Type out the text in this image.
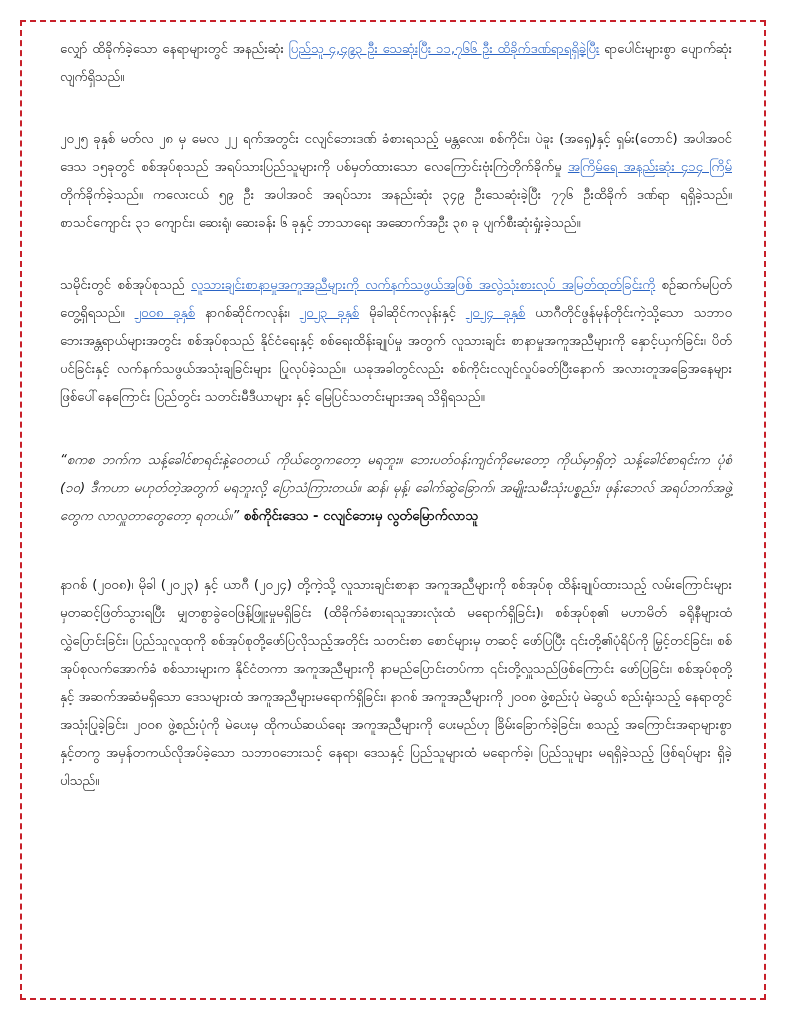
လျှော် ထိခိုက်ခဲ့သော နေရာများတွင် အနည်းဆုံး ပြည်သူ ၄,၄၉၃ ဦး သေဆုံးပြီး ၁၁,၇၆၆ ဦး ထိခိုက်ဒဏ်ရာရရှိခဲ့ပြီး ရာပေါင်းများစွာ ပျောက်ဆုံးလျက်ရှိသည်။

၂၀၂၅ ခုနှစ် မတ်လ ၂၈ မှ မေလ ၂၂ ရက်အတွင်း ငလျင်ဘေးဒဏ် ခံစားရသည့် မန္တလေး၊ စစ်ကိုင်း၊ ပဲခူး (အရှေ့)နှင့် ရှမ်း(တောင်) အပါအဝင် ဒေသ ၁၅ခုတွင် စစ်အုပ်စုသည် အရပ်သားပြည်သူများကို ပစ်မှတ်ထားသော လေကြောင်းဗုံးကြဲတိုက်ခိုက်မှု အကြိမ်ရေ အနည်းဆုံး ၄၁၄ ကြိမ် တိုက်ခိုက်ခဲ့သည်။ ကလေးငယ် ၅၉ ဦး အပါအဝင် အရပ်သား အနည်းဆုံး ၃၄၉ ဦးသေဆုံးခဲ့ပြီး ၇၇၆ ဦးထိခိုက် ဒဏ်ရာ ရရှိခဲ့သည်။ စာသင်ကျောင်း ၃၁ ကျောင်း၊ ဆေးရုံ၊ ဆေးခန်း ၆ ခုနှင့် ဘာသာရေး အဆောက်အဦး ၃၈ ခု ပျက်စီးဆုံးရှုံးခဲ့သည်။

သမိုင်းတွင် စစ်အုပ်စုသည် လူသားချင်းစာနာမှုအကူအညီများကို လက်နက်သဖွယ်အဖြစ် အလွဲသုံးစားလုပ် အမြတ်ထုတ်ခြင်းကို စဉ်ဆက်မပြတ် တွေ့ရှိရသည်။ ၂၀၀၈ ခုနှစ် နာဂစ်ဆိုင်ကလုန်း၊ ၂၀၂၃ ခုနှစ် မိုခါဆိုင်ကလုန်းနှင့် ၂၀၂၄ ခုနှစ် ယာဂီတိုင်ဖွန်မုန်တိုင်းကဲ့သို့သော သဘာဝဘေးအန္တရာယ်များအတွင်း စစ်အုပ်စုသည် နိုင်ငံရေးနှင့် စစ်ရေးထိန်းချုပ်မှု အတွက် လူသားချင်း စာနာမှုအကူအညီများကို နှောင့်ယှက်ခြင်း၊ ပိတ်ပင်ခြင်းနှင့် လက်နက်သဖွယ်အသုံးချခြင်းများ ပြုလုပ်ခဲ့သည်။ ယခုအခါတွင်လည်း စစ်ကိုင်းငလျင်လှုပ်ခတ်ပြီးနောက် အလားတူအခြေအနေများ ဖြစ်ပေါ်နေကြောင်း ပြည်တွင်း သတင်းမီဒီယာများ နှင့် မြေပြင်သတင်းများအရ သိရှိရသည်။

“စကစ ဘက်က သန့်ခေါင်စာရင်းနဲ့ဝေတယ် ကိုယ်တွေကတော့ မရဘူး။ ဘေးပတ်ဝန်းကျင်ကိုမေးတော့ ကိုယ်မှာရှိတဲ့ သန့်ခေါင်စာရင်းက ပုံစံ (၁၀) ဒီကဟာ မဟုတ်တဲ့အတွက် မရဘူးလို့ ပြောသံကြားတယ်။ ဆန်၊ မုန့်၊ ခေါက်ဆွဲခြောက်၊ အမျိုးသမီးသုံးပစ္စည်း၊ ဖုန်းဘေလ် အရပ်ဘက်အဖွဲ့တွေက လာလှူတာတွေတော့ ရတယ်။” စစ်ကိုင်းဒေသ - ငလျင်ဘေးမှ လွတ်မြောက်လာသူ

နာဂစ် (၂၀၀၈)၊ မိုခါ (၂၀၂၃) နှင့် ယာဂီ (၂၀၂၄) တို့ကဲ့သို့ လူသားချင်းစာနာ အကူအညီများကို စစ်အုပ်စု ထိန်းချုပ်ထားသည့် လမ်းကြောင်းများ မှတဆင့်ဖြတ်သွားရပြီး မျှတစွာခွဲဝေဖြန့်ဖြူးမှုမရှိခြင်း (ထိခိုက်ခံစားရသူအားလုံးထံ မရောက်ရှိခြင်း)၊ စစ်အုပ်စု၏ မဟာမိတ် ခရိုနီများထံ လွှဲပြောင်းခြင်း၊ ပြည်သူလူထုကို စစ်အုပ်စုတို့ဖော်ပြလိုသည့်အတိုင်း သတင်းစာ စောင်များမှ တဆင့် ဖော်ပြပြီး ၎င်းတို့၏ပုံရိပ်ကို မြှင့်တင်ခြင်း၊ စစ်အုပ်စုလက်အောက်ခံ စစ်သားများက နိုင်ငံတကာ အကူအညီများကို နာမည်ပြောင်းတပ်ကာ ၎င်းတို့လှူသည်ဖြစ်ကြောင်း ဖော်ပြခြင်း၊ စစ်အုပ်စုတို့နှင့် အဆက်အဆံမရှိသော ဒေသများထံ အကူအညီများမရောက်ရှိခြင်း၊ နာဂစ် အကူအညီများကို ၂၀၀၈ ဖွဲ့စည်းပုံ မဲဆွယ် စည်းရုံးသည့် နေရာတွင် အသုံးပြုခဲ့ခြင်း၊ ၂၀၀၈ ဖွဲ့စည်းပုံကို မဲပေးမှ ထိုကယ်ဆယ်ရေး အကူအညီများကို ပေးမည်ဟု ခြိမ်းခြောက်ခဲ့ခြင်း၊ စသည့် အကြောင်းအရာများစွာနှင့်တကွ အမှန်တကယ်လိုအပ်ခဲ့သော သဘာဝဘေးသင့် နေရာ၊ ဒေသနှင့် ပြည်သူများထံ မရောက်ခဲ့၊ ပြည်သူများ မရရှိခဲ့သည့် ဖြစ်ရပ်များ ရှိခဲ့ပါသည်။
